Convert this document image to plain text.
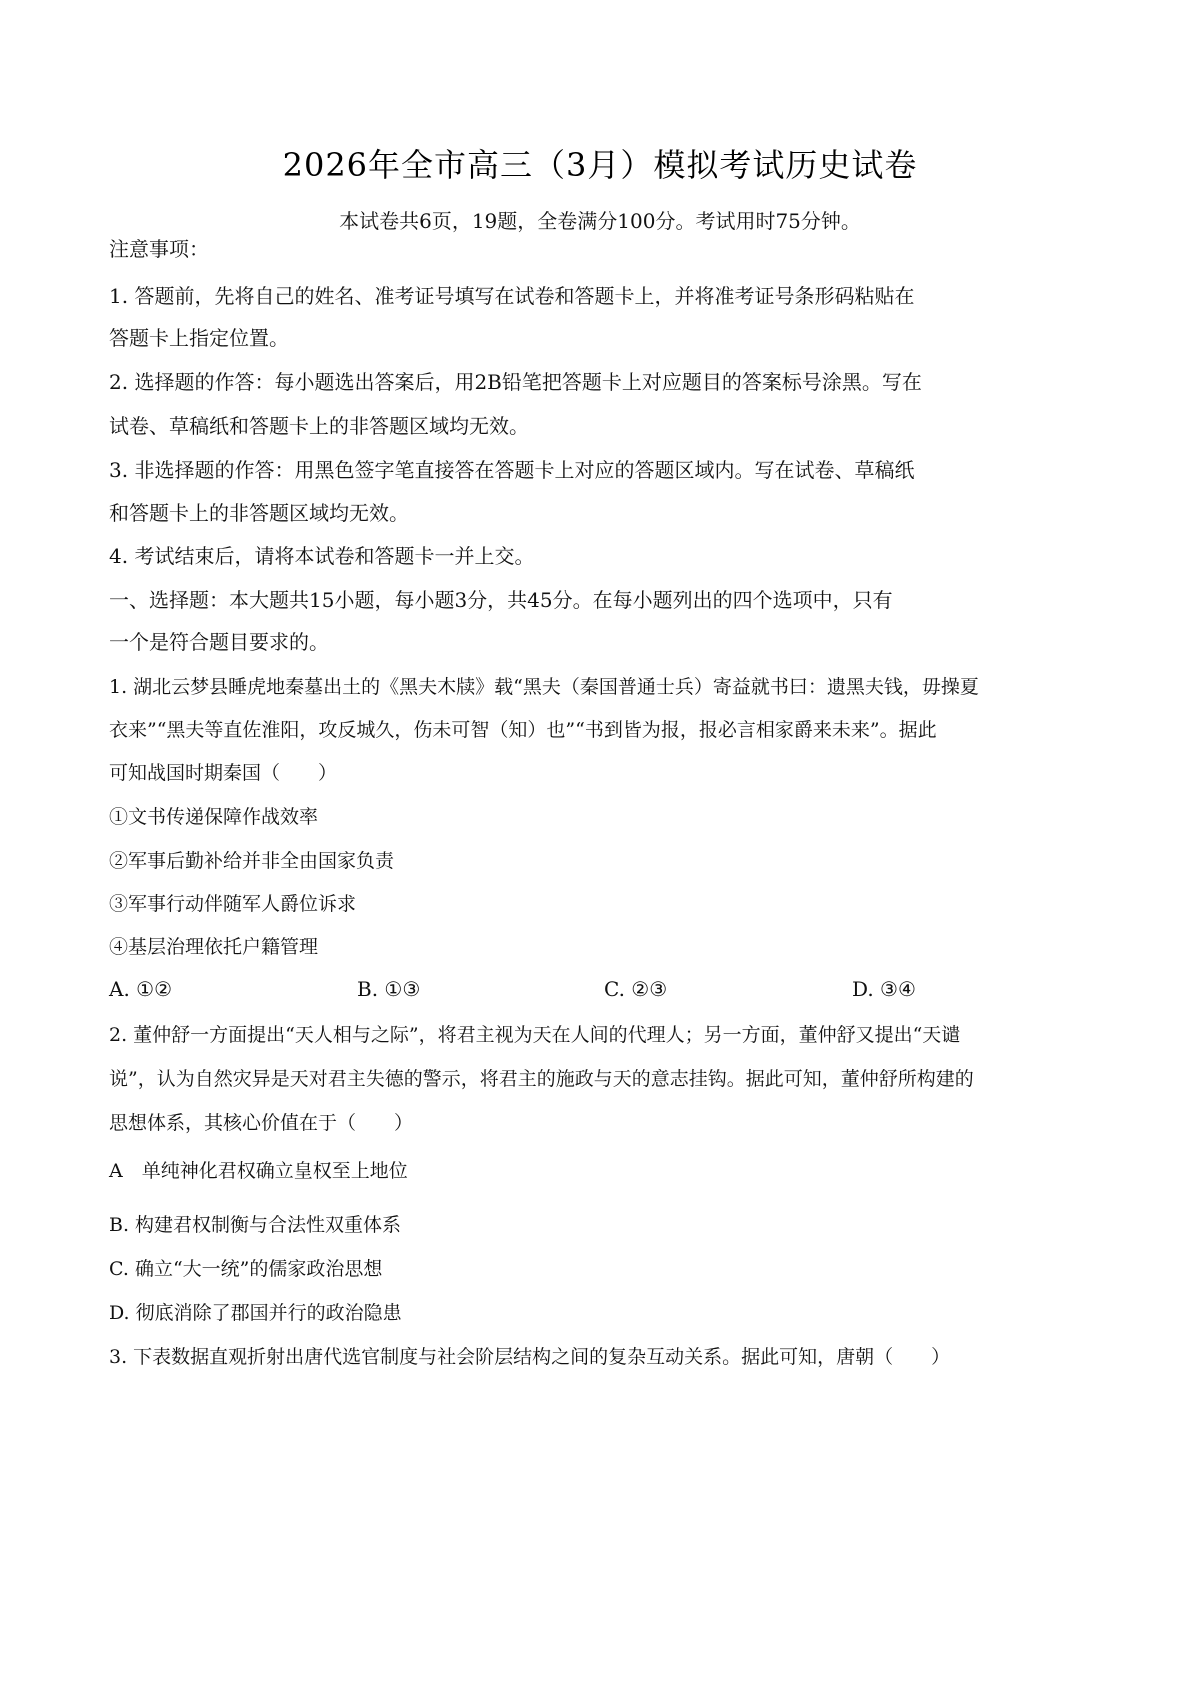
2026年全市高三（3月）模拟考试历史试卷
本试卷共6页，19题，全卷满分100分。考试用时75分钟。
注意事项：
1. 答题前，先将自己的姓名、准考证号填写在试卷和答题卡上，并将准考证号条形码粘贴在
答题卡上指定位置。
2. 选择题的作答：每小题选出答案后，用2B铅笔把答题卡上对应题目的答案标号涂黑。写在
试卷、草稿纸和答题卡上的非答题区域均无效。
3. 非选择题的作答：用黑色签字笔直接答在答题卡上对应的答题区域内。写在试卷、草稿纸
和答题卡上的非答题区域均无效。
4. 考试结束后，请将本试卷和答题卡一并上交。
一、选择题：本大题共15小题，每小题3分，共45分。在每小题列出的四个选项中，只有
一个是符合题目要求的。
1. 湖北云梦县睡虎地秦墓出土的《黑夫木牍》载“黑夫（秦国普通士兵）寄益就书曰：遗黑夫钱，毋操夏
衣来”“黑夫等直佐淮阳，攻反城久，伤未可智（知）也”“书到皆为报，报必言相家爵来未来”。据此
可知战国时期秦国（　　）
①文书传递保障作战效率
②军事后勤补给并非全由国家负责
③军事行动伴随军人爵位诉求
④基层治理依托户籍管理
A. ①②	B. ①③	C. ②③	D. ③④
2. 董仲舒一方面提出“天人相与之际”，将君主视为天在人间的代理人；另一方面，董仲舒又提出“天谴
说”，认为自然灾异是天对君主失德的警示，将君主的施政与天的意志挂钩。据此可知，董仲舒所构建的
思想体系，其核心价值在于（　　）
A　单纯神化君权确立皇权至上地位
B. 构建君权制衡与合法性双重体系
C. 确立“大一统”的儒家政治思想
D. 彻底消除了郡国并行的政治隐患
3. 下表数据直观折射出唐代选官制度与社会阶层结构之间的复杂互动关系。据此可知，唐朝（　　）
